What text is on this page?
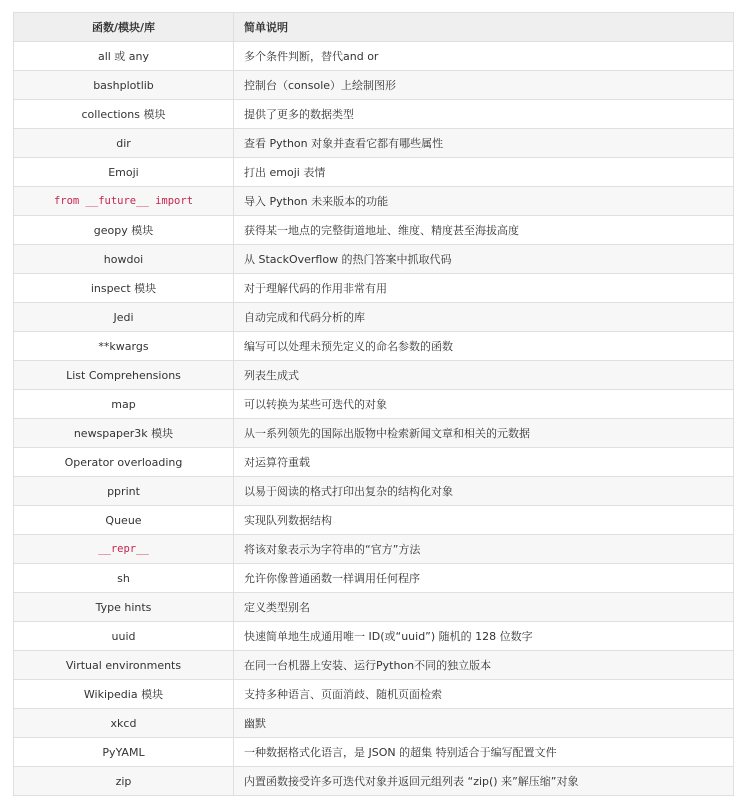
函数/模块/库	简单说明
all 或 any	多个条件判断，替代and or
bashplotlib	控制台（console）上绘制图形
collections 模块	提供了更多的数据类型
dir	查看 Python 对象并查看它都有哪些属性
Emoji	打出 emoji 表情
from __future__ import	导入 Python 未来版本的功能
geopy 模块	获得某一地点的完整街道地址、维度、精度甚至海拔高度
howdoi	从 StackOverflow 的热门答案中抓取代码
inspect 模块	对于理解代码的作用非常有用
Jedi	自动完成和代码分析的库
**kwargs	编写可以处理未预先定义的命名参数的函数
List Comprehensions	列表生成式
map	可以转换为某些可迭代的对象
newspaper3k 模块	从一系列领先的国际出版物中检索新闻文章和相关的元数据
Operator overloading	对运算符重载
pprint	以易于阅读的格式打印出复杂的结构化对象
Queue	实现队列数据结构
__repr__	将该对象表示为字符串的“官方”方法
sh	允许你像普通函数一样调用任何程序
Type hints	定义类型别名
uuid	快速简单地生成通用唯一 ID(或“uuid”) 随机的 128 位数字
Virtual environments	在同一台机器上安装、运行Python不同的独立版本
Wikipedia 模块	支持多种语言、页面消歧、随机页面检索
xkcd	幽默
PyYAML	一种数据格式化语言，是 JSON 的超集 特别适合于编写配置文件
zip	内置函数接受许多可迭代对象并返回元组列表 “zip() 来”解压缩”对象
